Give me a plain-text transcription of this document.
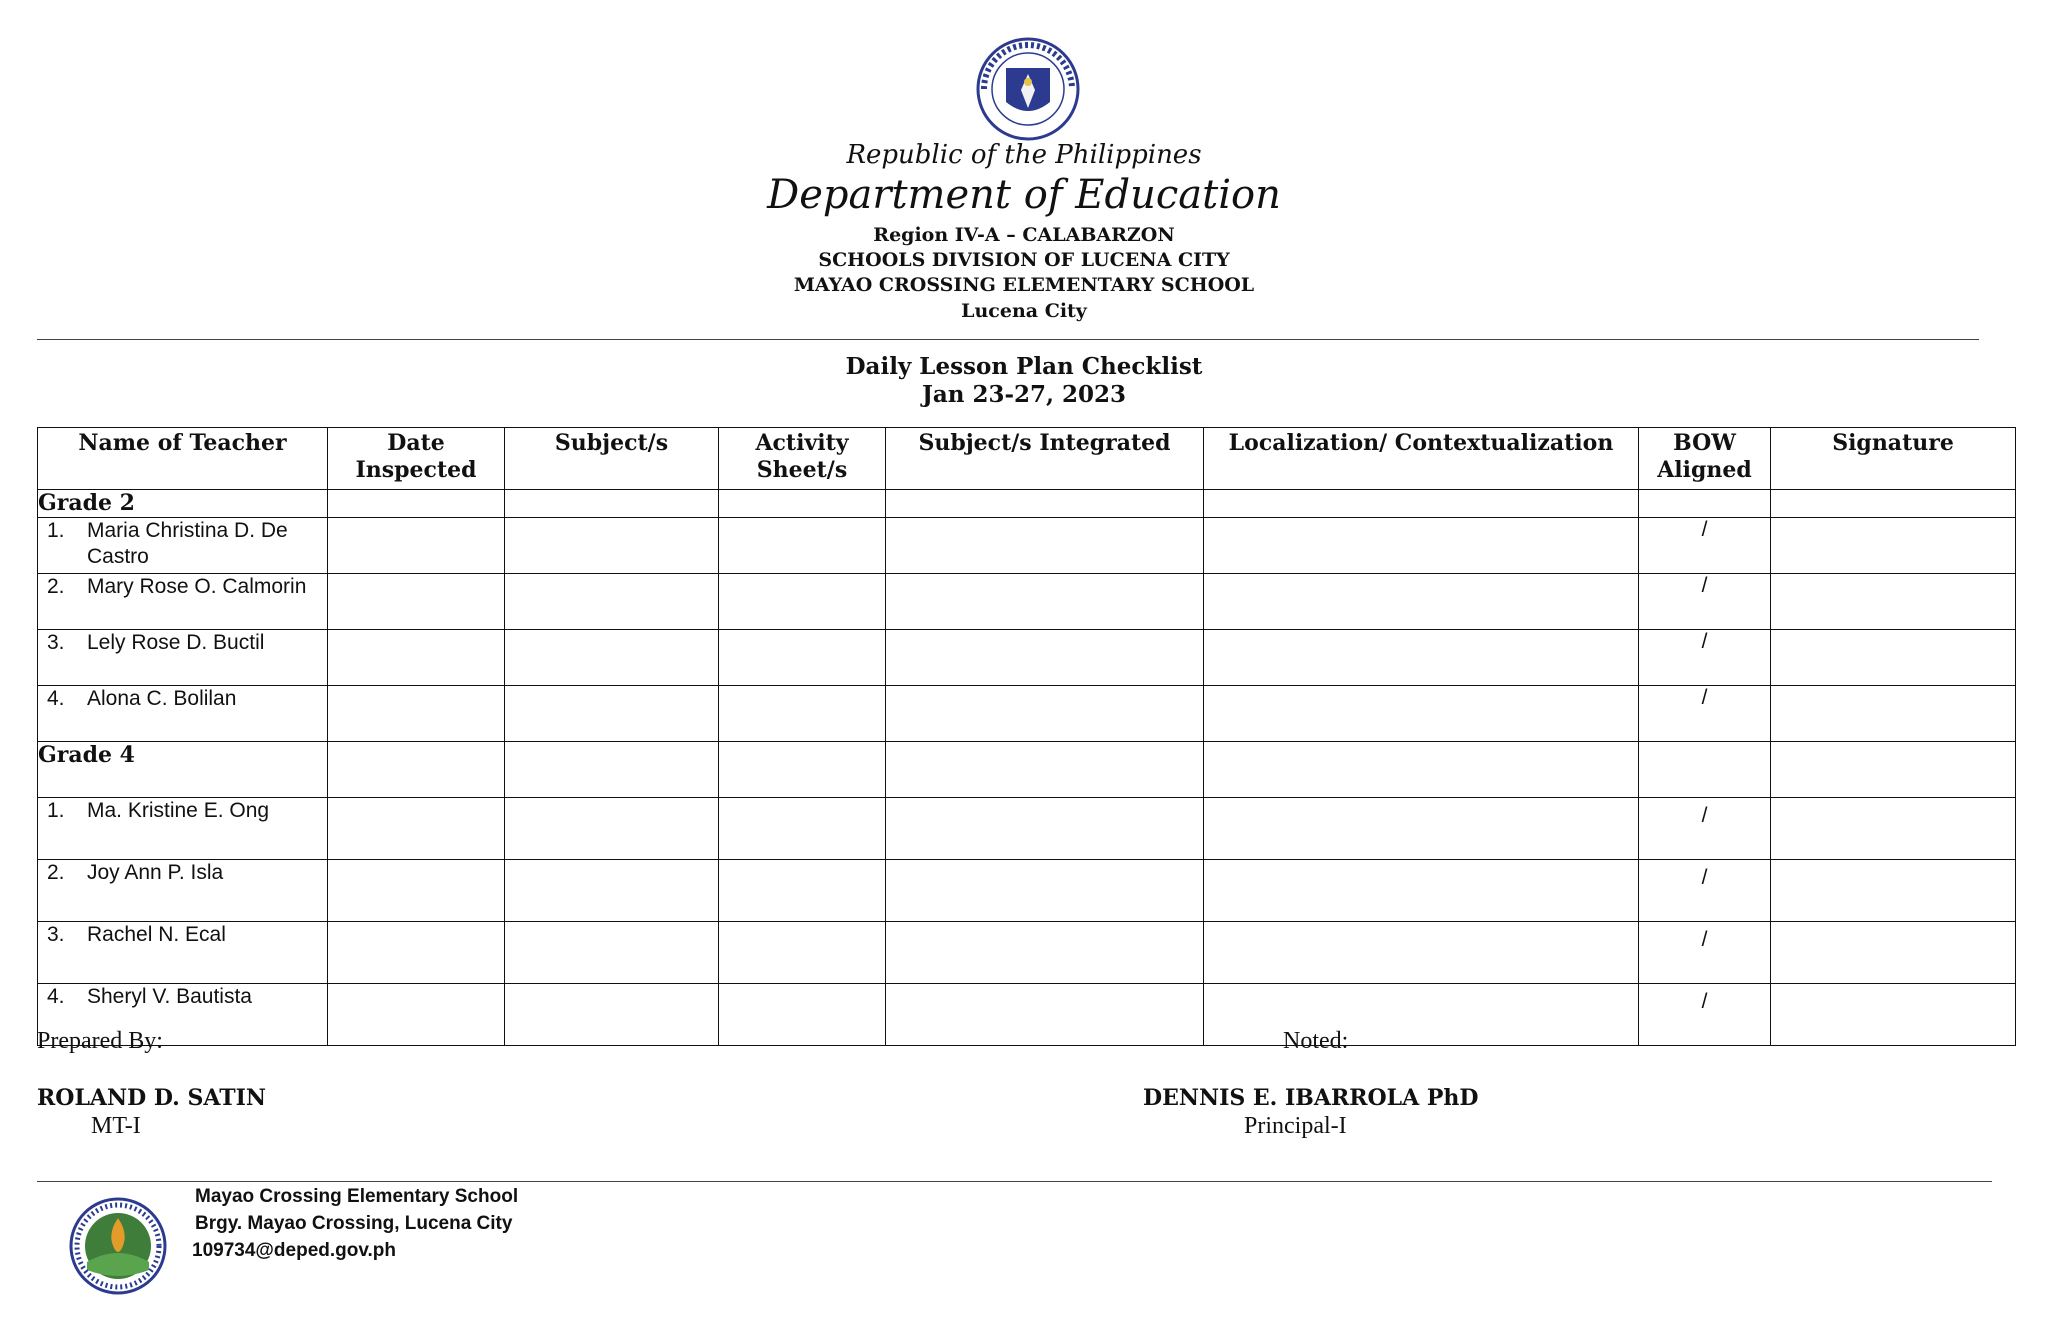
Republic of the Philippines
Department of Education
Region IV-A – CALABARZON
SCHOOLS DIVISION OF LUCENA CITY
MAYAO CROSSING ELEMENTARY SCHOOL
Lucena City
Daily Lesson Plan Checklist
Jan 23-27, 2023
Name of Teacher	Date Inspected	Subject/s	Activity Sheet/s	Subject/s Integrated	Localization/ Contextualization	BOW Aligned	Signature
Grade 2							

1. Maria Christina D. De Castro						/	

2. Mary Rose O. Calmorin						/	

3. Lely Rose D. Buctil						/	

4. Alona C. Bolilan						/	
Grade 4							

1. Ma. Kristine E. Ong						/	

2. Joy Ann P. Isla						/	

3. Rachel N. Ecal						/	

4. Sheryl V. Bautista						/	
Prepared By:
ROLAND D. SATIN
MT-I
Noted:
DENNIS E. IBARROLA PhD
Principal-I
Mayao Crossing Elementary School
Brgy. Mayao Crossing, Lucena City
109734@deped.gov.ph
